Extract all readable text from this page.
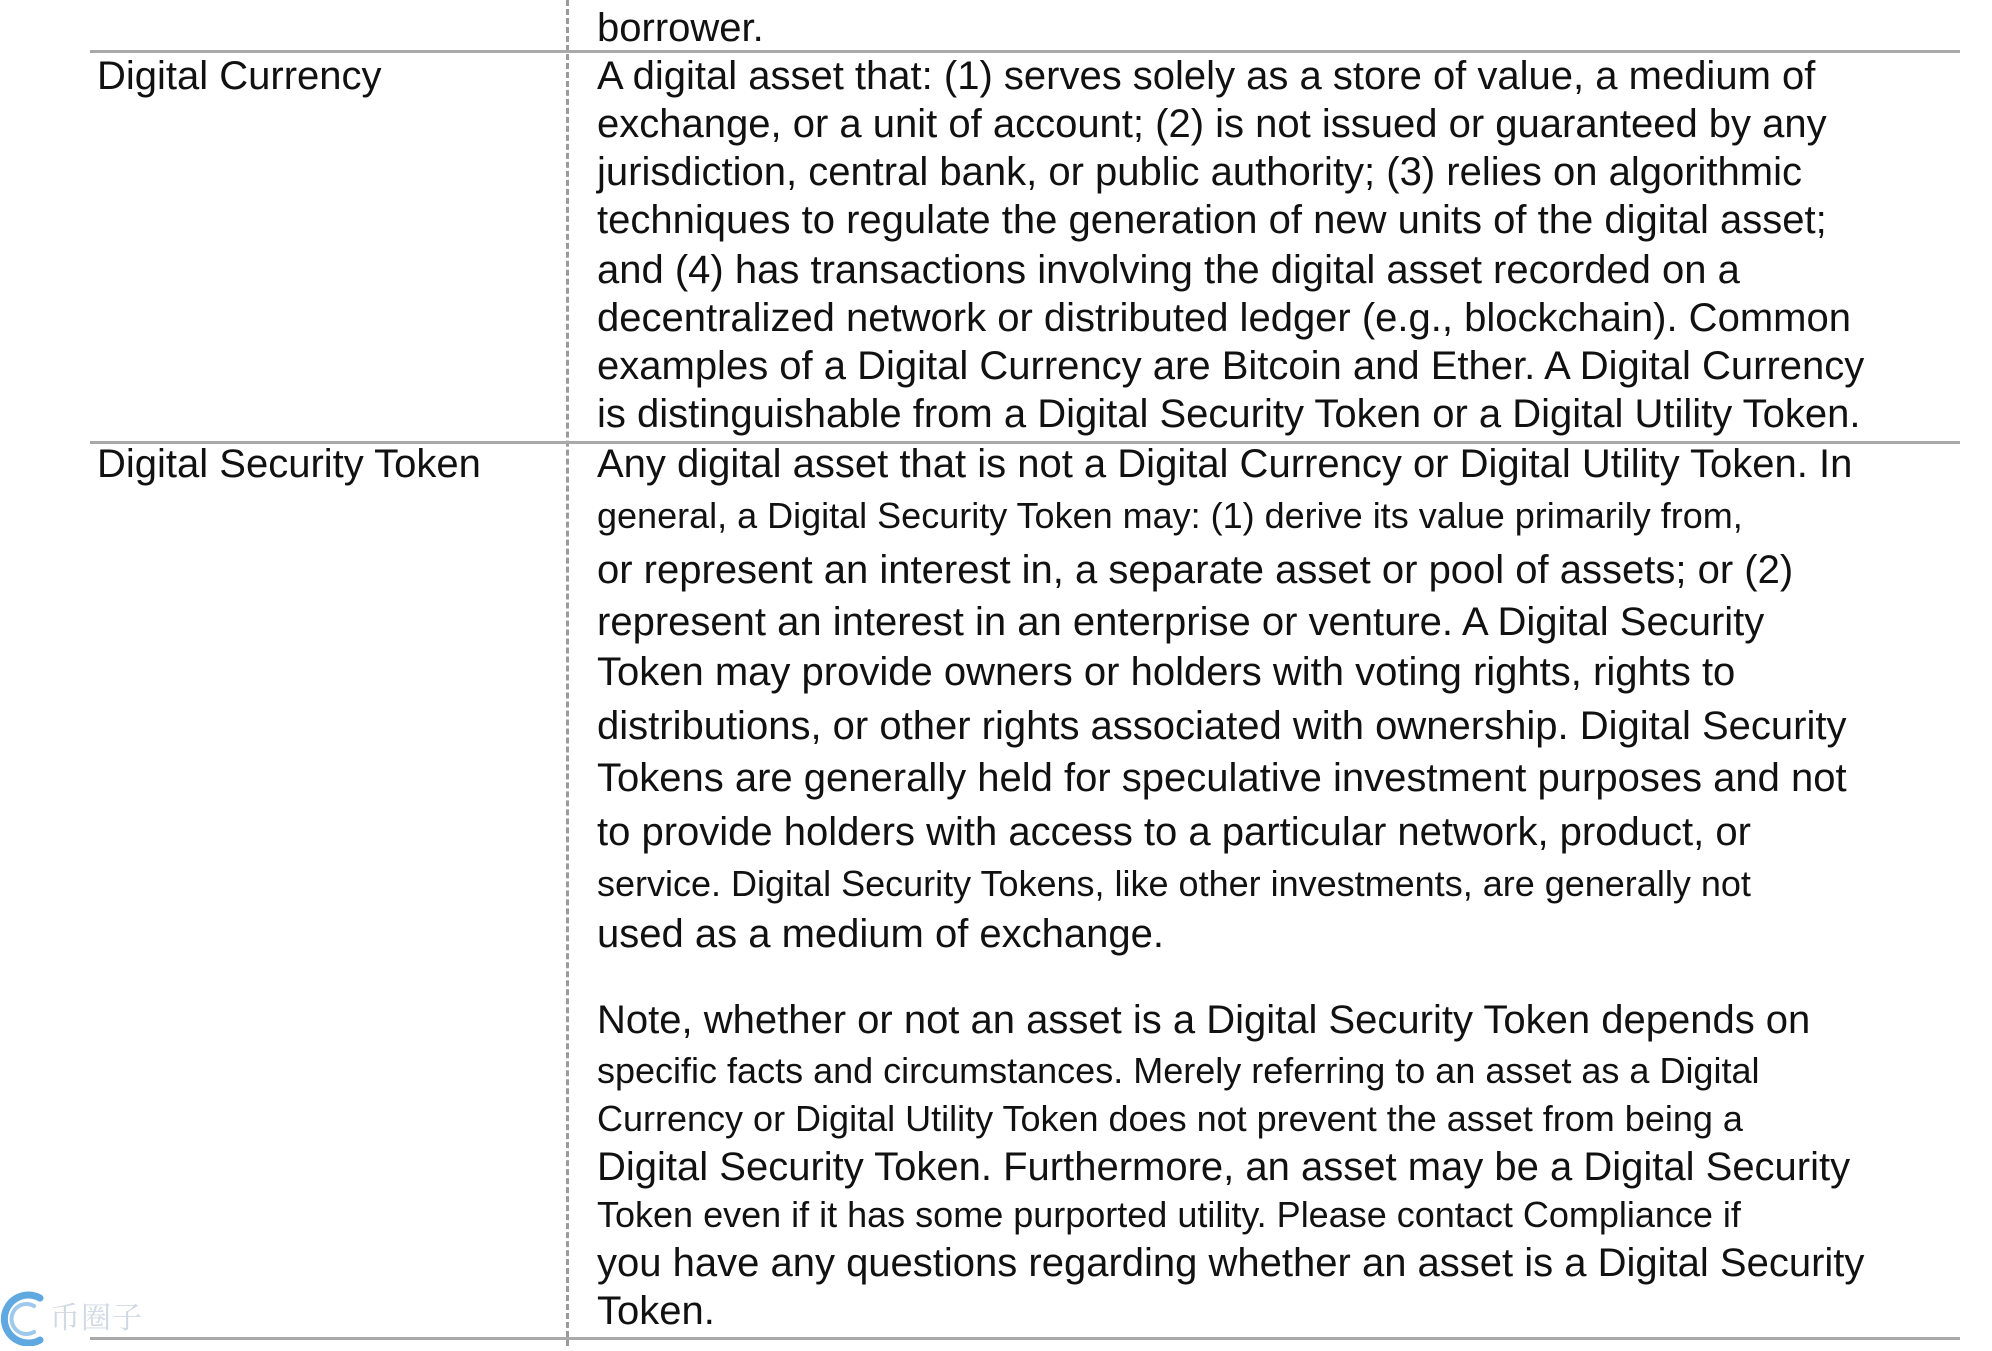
borrower.
Digital Currency	A digital asset that: (1) serves solely as a store of value, a medium of
exchange, or a unit of account; (2) is not issued or guaranteed by any
jurisdiction, central bank, or public authority; (3) relies on algorithmic
techniques to regulate the generation of new units of the digital asset;
and (4) has transactions involving the digital asset recorded on a
decentralized network or distributed ledger (e.g., blockchain). Common
examples of a Digital Currency are Bitcoin and Ether. A Digital Currency
is distinguishable from a Digital Security Token or a Digital Utility Token.
Digital Security Token	Any digital asset that is not a Digital Currency or Digital Utility Token. In
general, a Digital Security Token may: (1) derive its value primarily from,
or represent an interest in, a separate asset or pool of assets; or (2)
represent an interest in an enterprise or venture. A Digital Security
Token may provide owners or holders with voting rights, rights to
distributions, or other rights associated with ownership. Digital Security
Tokens are generally held for speculative investment purposes and not
to provide holders with access to a particular network, product, or
service. Digital Security Tokens, like other investments, are generally not
used as a medium of exchange.
Note, whether or not an asset is a Digital Security Token depends on
specific facts and circumstances. Merely referring to an asset as a Digital
Currency or Digital Utility Token does not prevent the asset from being a
Digital Security Token. Furthermore, an asset may be a Digital Security
Token even if it has some purported utility. Please contact Compliance if
you have any questions regarding whether an asset is a Digital Security
Token.
币圈子
